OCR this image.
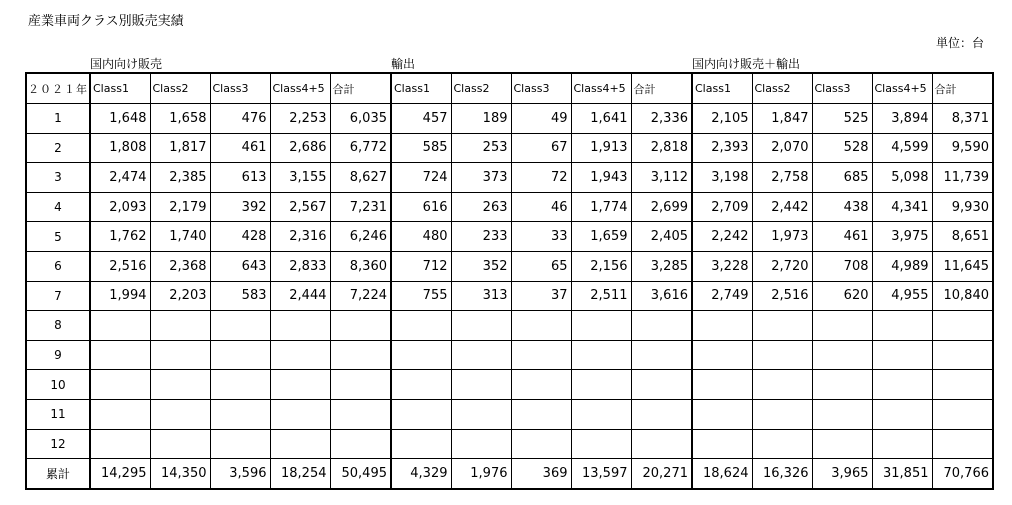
産業車両クラス別販売実績
単位：台
国内向け販売	輸出	国内向け販売＋輸出
２０２１年	Class1	Class2	Class3	Class4+5	合計	Class1	Class2	Class3	Class4+5	合計	Class1	Class2	Class3	Class4+5	合計
1	1,648	1,658	476	2,253	6,035	457	189	49	1,641	2,336	2,105	1,847	525	3,894	8,371
2	1,808	1,817	461	2,686	6,772	585	253	67	1,913	2,818	2,393	2,070	528	4,599	9,590
3	2,474	2,385	613	3,155	8,627	724	373	72	1,943	3,112	3,198	2,758	685	5,098	11,739
4	2,093	2,179	392	2,567	7,231	616	263	46	1,774	2,699	2,709	2,442	438	4,341	9,930
5	1,762	1,740	428	2,316	6,246	480	233	33	1,659	2,405	2,242	1,973	461	3,975	8,651
6	2,516	2,368	643	2,833	8,360	712	352	65	2,156	3,285	3,228	2,720	708	4,989	11,645
7	1,994	2,203	583	2,444	7,224	755	313	37	2,511	3,616	2,749	2,516	620	4,955	10,840
8															
9															
10															
11															
12															
累計	14,295	14,350	3,596	18,254	50,495	4,329	1,976	369	13,597	20,271	18,624	16,326	3,965	31,851	70,766
